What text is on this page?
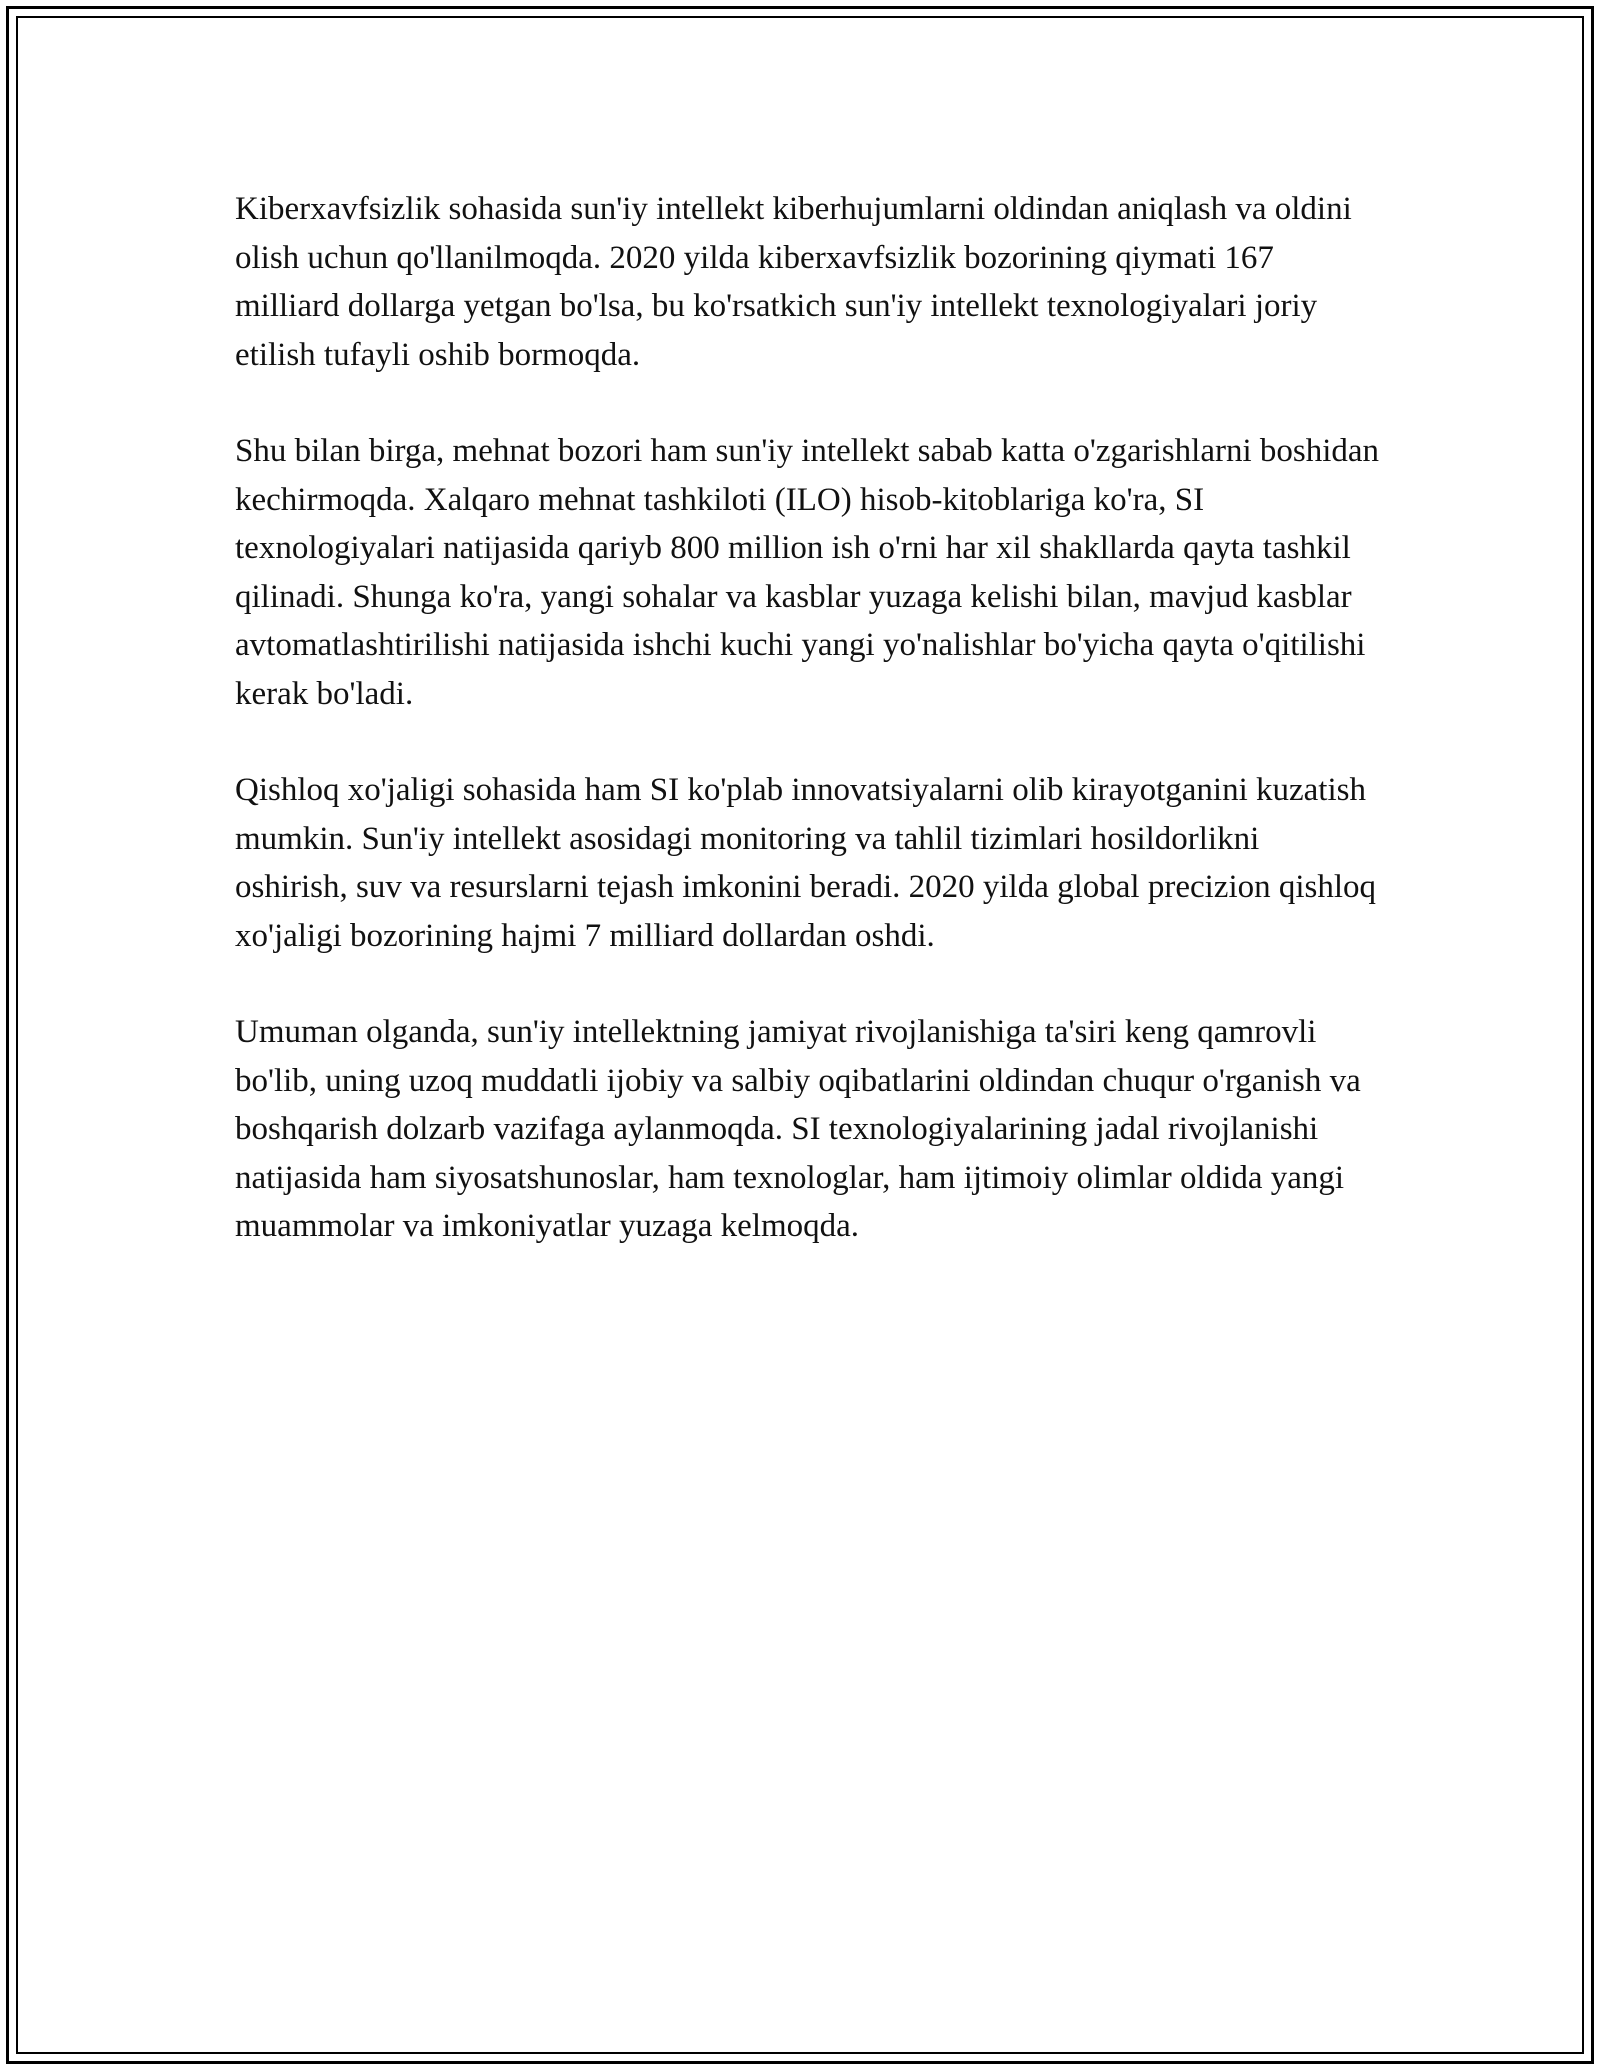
Kiberxavfsizlik sohasida sun'iy intellekt kiberhujumlarni oldindan aniqlash va oldini olish uchun qo'llanilmoqda. 2020 yilda kiberxavfsizlik bozorining qiymati 167 milliard dollarga yetgan bo'lsa, bu ko'rsatkich sun'iy intellekt texnologiyalari joriy etilish tufayli oshib bormoqda.

Shu bilan birga, mehnat bozori ham sun'iy intellekt sabab katta o'zgarishlarni boshidan kechirmoqda. Xalqaro mehnat tashkiloti (ILO) hisob-kitoblariga ko'ra, SI texnologiyalari natijasida qariyb 800 million ish o'rni har xil shakllarda qayta tashkil qilinadi. Shunga ko'ra, yangi sohalar va kasblar yuzaga kelishi bilan, mavjud kasblar avtomatlashtirilishi natijasida ishchi kuchi yangi yo'nalishlar bo'yicha qayta o'qitilishi kerak bo'ladi.

Qishloq xo'jaligi sohasida ham SI ko'plab innovatsiyalarni olib kirayotganini kuzatish mumkin. Sun'iy intellekt asosidagi monitoring va tahlil tizimlari hosildorlikni oshirish, suv va resurslarni tejash imkonini beradi. 2020 yilda global precizion qishloq xo'jaligi bozorining hajmi 7 milliard dollardan oshdi.

Umuman olganda, sun'iy intellektning jamiyat rivojlanishiga ta'siri keng qamrovli bo'lib, uning uzoq muddatli ijobiy va salbiy oqibatlarini oldindan chuqur o'rganish va boshqarish dolzarb vazifaga aylanmoqda. SI texnologiyalarining jadal rivojlanishi natijasida ham siyosatshunoslar, ham texnologlar, ham ijtimoiy olimlar oldida yangi muammolar va imkoniyatlar yuzaga kelmoqda.
